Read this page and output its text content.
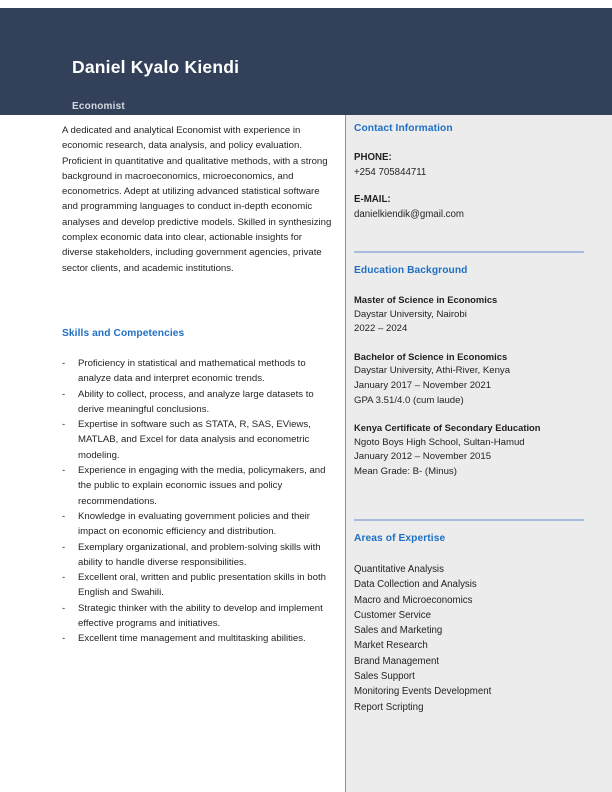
Daniel Kyalo Kiendi
Economist
A dedicated and analytical Economist with experience in economic research, data analysis, and policy evaluation. Proficient in quantitative and qualitative methods, with a strong background in macroeconomics, microeconomics, and econometrics. Adept at utilizing advanced statistical software and programming languages to conduct in-depth economic analyses and develop predictive models. Skilled in synthesizing complex economic data into clear, actionable insights for diverse stakeholders, including government agencies, private sector clients, and academic institutions.
Skills and Competencies
- Proficiency in statistical and mathematical methods to analyze data and interpret economic trends.
- Ability to collect, process, and analyze large datasets to derive meaningful conclusions.
- Expertise in software such as STATA, R, SAS, EViews, MATLAB, and Excel for data analysis and econometric modeling.
- Experience in engaging with the media, policymakers, and the public to explain economic issues and policy recommendations.
- Knowledge in evaluating government policies and their impact on economic efficiency and distribution.
- Exemplary organizational, and problem-solving skills with ability to handle diverse responsibilities.
- Excellent oral, written and public presentation skills in both English and Swahili.
- Strategic thinker with the ability to develop and implement effective programs and initiatives.
- Excellent time management and multitasking abilities.
Contact Information
PHONE:
+254 705844711
E-MAIL:
danielkiendik@gmail.com
Education Background
Master of Science in Economics
Daystar University, Nairobi
2022 – 2024
Bachelor of Science in Economics
Daystar University, Athi-River, Kenya
January 2017 – November 2021
GPA 3.51/4.0 (cum laude)
Kenya Certificate of Secondary Education
Ngoto Boys High School, Sultan-Hamud
January 2012 – November 2015
Mean Grade: B- (Minus)
Areas of Expertise
Quantitative Analysis
Data Collection and Analysis
Macro and Microeconomics
Customer Service
Sales and Marketing
Market Research
Brand Management
Sales Support
Monitoring Events Development
Report Scripting
